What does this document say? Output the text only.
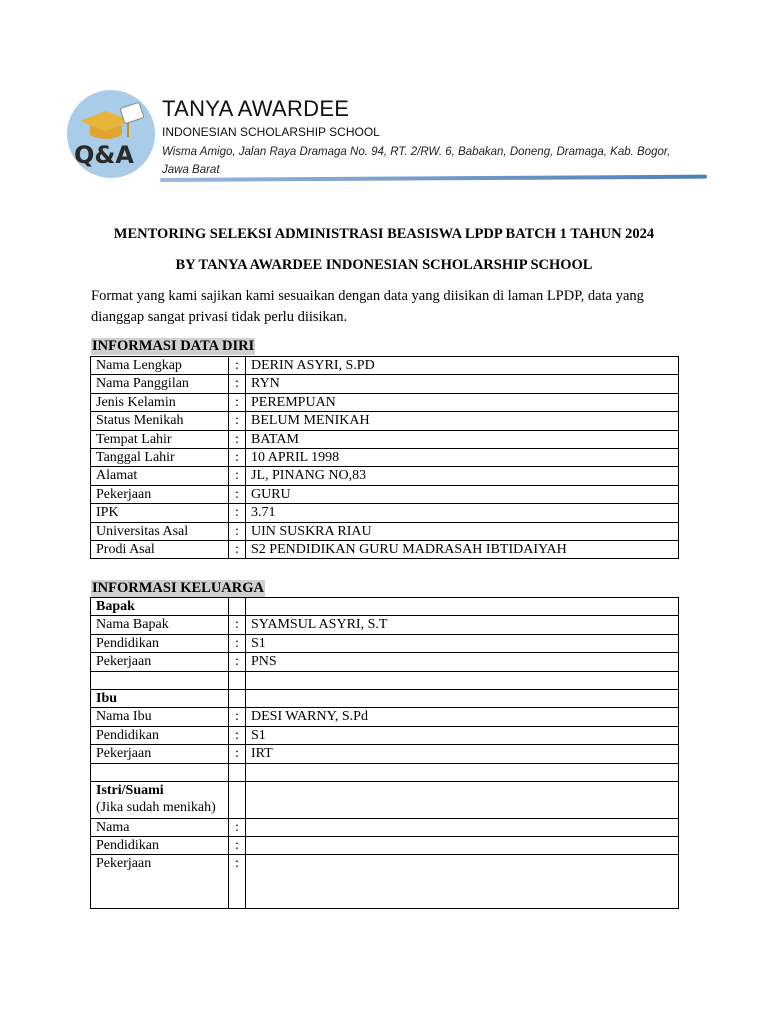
Q&A
TANYA AWARDEE
INDONESIAN SCHOLARSHIP SCHOOL
Wisma Amigo, Jalan Raya Dramaga No. 94, RT. 2/RW. 6, Babakan, Doneng, Dramaga, Kab. Bogor, Jawa Barat
MENTORING SELEKSI ADMINISTRASI BEASISWA LPDP BATCH 1 TAHUN 2024
BY TANYA AWARDEE INDONESIAN SCHOLARSHIP SCHOOL
Format yang kami sajikan kami sesuaikan dengan data yang diisikan di laman LPDP, data yang dianggap sangat privasi tidak perlu diisikan.
INFORMASI DATA DIRI
Nama Lengkap	:	DERIN ASYRI, S.PD
Nama Panggilan	:	RYN
Jenis Kelamin	:	PEREMPUAN
Status Menikah	:	BELUM MENIKAH
Tempat Lahir	:	BATAM
Tanggal Lahir	:	10 APRIL 1998
Alamat	:	JL, PINANG NO,83
Pekerjaan	:	GURU
IPK	:	3.71
Universitas Asal	:	UIN SUSKRA RIAU
Prodi Asal	:	S2 PENDIDIKAN GURU MADRASAH IBTIDAIYAH
INFORMASI KELUARGA
Bapak		
Nama Bapak	:	SYAMSUL ASYRI, S.T
Pendidikan	:	S1
Pekerjaan	:	PNS

Ibu		
Nama Ibu	:	DESI WARNY, S.Pd
Pendidikan	:	S1
Pekerjaan	:	IRT

Istri/Suami
(Jika sudah menikah)		
Nama	:	
Pendidikan	:	
Pekerjaan	:	
